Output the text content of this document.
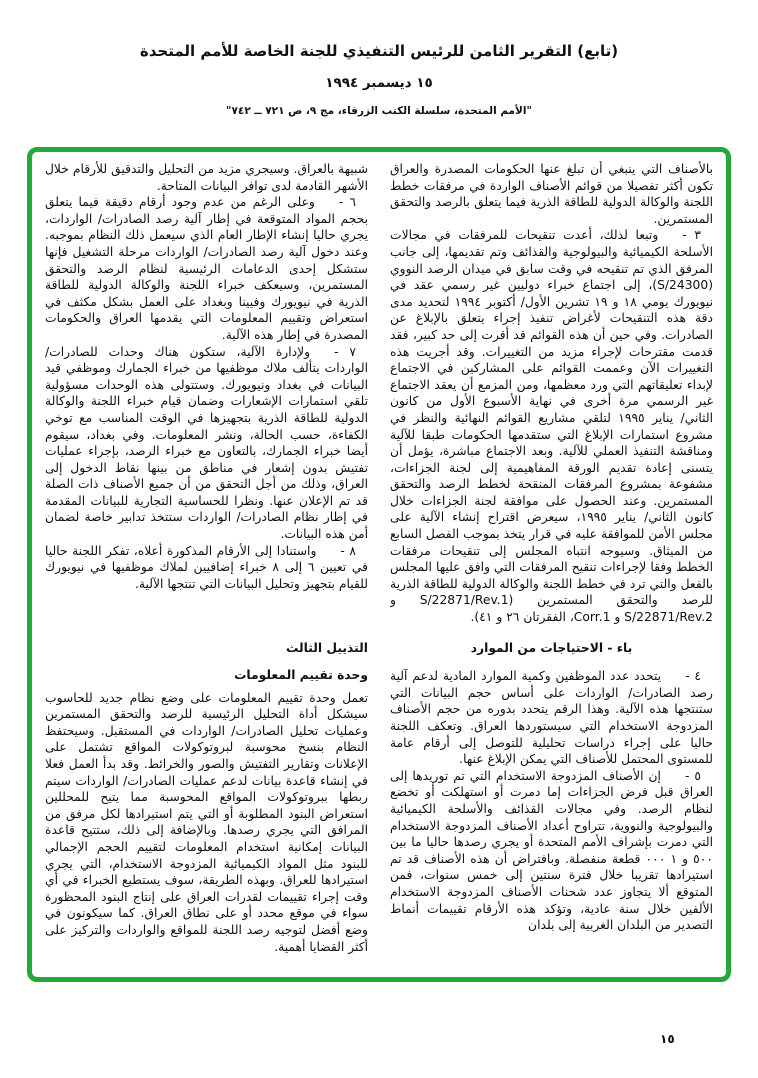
(تابع) التقرير الثامن للرئيس التنفيذي للجنة الخاصة للأمم المتحدة
١٥ ديسمبر ١٩٩٤
"الأمم المتحدة، سلسلة الكتب الزرقاء، مج ٩، ص ٧٢١ ــ ٧٤٢"

بالأصناف التي ينبغي أن تبلغ عنها الحكومات المصدرة والعراق تكون أكثر تفصيلا من قوائم الأصناف الواردة في مرفقات خطط اللجنة والوكالة الدولية للطاقة الذرية فيما يتعلق بالرصد والتحقق المستمرين.

٣ -وتبعا لذلك، أعدت تنقيحات للمرفقات في مجالات الأسلحة الكيميائية والبيولوجية والقذائف وتم تقديمها، إلى جانب المرفق الذي تم تنقيحه في وقت سابق في ميدان الرصد النووي (S/24300)، إلى اجتماع خبراء دوليين غير رسمي عقد في نيويورك يومي ١٨ و ١٩ تشرين الأول/ أكتوبر ١٩٩٤ لتحديد مدى دقة هذه التنقيحات لأغراض تنفيذ إجراء يتعلق بالإبلاغ عن الصادرات. وفي حين أن هذه القوائم قد أقرت إلى حد كبير، فقد قدمت مقترحات لإجراء مزيد من التغييرات. وقد أجريت هذه التغييرات الآن وعممت القوائم على المشاركين في الاجتماع لإبداء تعليقاتهم التي ورد معظمها، ومن المزمع أن يعقد الاجتماع غير الرسمي مرة أخرى في نهاية الأسبوع الأول من كانون الثاني/ يناير ١٩٩٥ لتلقي مشاريع القوائم النهائية والنظر في مشروع استمارات الإبلاغ التي ستقدمها الحكومات طبقا للآلية ومناقشة التنفيذ العملي للآلية. وبعد الاجتماع مباشرة، يؤمل أن يتسنى إعادة تقديم الورقة المفاهيمية إلى لجنة الجزاءات، مشفوعة بمشروع المرفقات المنقحة لخطط الرصد والتحقق المستمرين. وعند الحصول على موافقة لجنة الجزاءات خلال كانون الثاني/ يناير ١٩٩٥، سيعرض اقتراح إنشاء الآلية على مجلس الأمن للموافقة عليه في قرار يتخذ بموجب الفصل السابع من الميثاق. وسيوجه انتباه المجلس إلى تنقيحات مرفقات الخطط وفقا لإجراءات تنقيح المرفقات التي وافق عليها المجلس بالفعل والتي ترد في خطط اللجنة والوكالة الدولية للطاقة الذرية للرصد والتحقق المستمرين (S/22871/Rev.1 و S/22871/Rev.2 و Corr.1، الفقرتان ٢٦ و ٤١).

باء - الاحتياجات من الموارد

٤ -يتحدد عدد الموظفين وكمية الموارد المادية لدعم آلية رصد الصادرات/ الواردات على أساس حجم البيانات التي ستنتجها هذه الآلية. وهذا الرقم يتحدد بدوره من حجم الأصناف المزدوجة الاستخدام التي سيستوردها العراق. وتعكف اللجنة حاليا على إجراء دراسات تحليلية للتوصل إلى أرقام عامة للمستوى المحتمل للأصناف التي يمكن الإبلاغ عنها.

٥ -إن الأصناف المزدوجة الاستخدام التي تم توريدها إلى العراق قبل فرض الجزاءات إما دمرت أو استهلكت أو تخضع لنظام الرصد. وفي مجالات القذائف والأسلحة الكيميائية والبيولوجية والنووية، تتراوح أعداد الأصناف المزدوجة الاستخدام التي دمرت بإشراف الأمم المتحدة أو يجري رصدها حاليا ما بين ٥٠٠ و ١ ٠٠٠ قطعة منفصلة. وبافتراض أن هذه الأصناف قد تم استيرادها تقريبا خلال فترة سنتين إلى خمس سنوات، فمن المتوقع ألا يتجاوز عدد شحنات الأصناف المزدوجة الاستخدام الألفين خلال سنة عادية، وتؤكد هذه الأرقام تقييمات أنماط التصدير من البلدان الغربية إلى بلدان

شبيهة بالعراق. وسيجري مزيد من التحليل والتدقيق للأرقام خلال الأشهر القادمة لدى توافر البيانات المتاحة.

٦ -وعلى الرغم من عدم وجود أرقام دقيقة فيما يتعلق بحجم المواد المتوقعة في إطار آلية رصد الصادرات/ الواردات، يجري حاليا إنشاء الإطار العام الذي سيعمل ذلك النظام بموجبه. وعند دخول آلية رصد الصادرات/ الواردات مرحلة التشغيل فإنها ستشكل إحدى الدعامات الرئيسية لنظام الرصد والتحقق المستمرين، وسيعكف خبراء اللجنة والوكالة الدولية للطاقة الذرية في نيويورك وفيينا وبغداد على العمل بشكل مكثف في استعراض وتقييم المعلومات التي يقدمها العراق والحكومات المصدرة في إطار هذه الآلية.

٧ -ولإدارة الآلية، ستكون هناك وحدات للصادرات/ الواردات يتألف ملاك موظفيها من خبراء الجمارك وموظفي قيد البيانات في بغداد ونيويورك. وستتولى هذه الوحدات مسؤولية تلقي استمارات الإشعارات وضمان قيام خبراء اللجنة والوكالة الدولية للطاقة الذرية بتجهيزها في الوقت المناسب مع توخي الكفاءة، حسب الحالة، ونشر المعلومات. وفي بغداد، سيقوم أيضا خبراء الجمارك، بالتعاون مع خبراء الرصد، بإجراء عمليات تفتيش بدون إشعار في مناطق من بينها نقاط الدخول إلى العراق، وذلك من أجل التحقق من أن جميع الأصناف ذات الصلة قد تم الإعلان عنها. ونظرا للحساسية التجارية للبيانات المقدمة في إطار نظام الصادرات/ الواردات ستتخذ تدابير خاصة لضمان أمن هذه البيانات.

٨ -واستنادا إلى الأرقام المذكورة أعلاه، تفكر اللجنة حاليا في تعيين ٦ إلى ٨ خبراء إضافيين لملاك موظفيها في نيويورك للقيام بتجهيز وتحليل البيانات التي تنتجها الآلية.

التذييل الثالث
وحدة تقييم المعلومات

تعمل وحدة تقييم المعلومات على وضع نظام جديد للحاسوب سيشكل أداة التحليل الرئيسية للرصد والتحقق المستمرين وعمليات تحليل الصادرات/ الواردات في المستقبل. وسيحتفظ النظام بنسخ محوسبة لبروتوكولات المواقع تشتمل على الإعلانات وتقارير التفتيش والصور والخرائط. وقد بدأ العمل فعلا في إنشاء قاعدة بيانات لدعم عمليات الصادرات/ الواردات سيتم ربطها ببروتوكولات المواقع المحوسبة مما يتيح للمحللين استعراض البنود المطلوبة أو التي يتم استيرادها لكل مرفق من المرافق التي يجري رصدها. وبالإضافة إلى ذلك، ستتيح قاعدة البيانات إمكانية استخدام المعلومات لتقييم الحجم الإجمالي للبنود مثل المواد الكيميائية المزدوجة الاستخدام، التي يجري استيرادها للعراق. وبهذه الطريقة، سوف يستطيع الخبراء في أي وقت إجراء تقييمات لقدرات العراق على إنتاج البنود المحظورة سواء في موقع محدد أو على نطاق العراق. كما سيكونون في وضع أفضل لتوجيه رصد اللجنة للمواقع والواردات والتركيز على أكثر القضايا أهمية.

١٥
